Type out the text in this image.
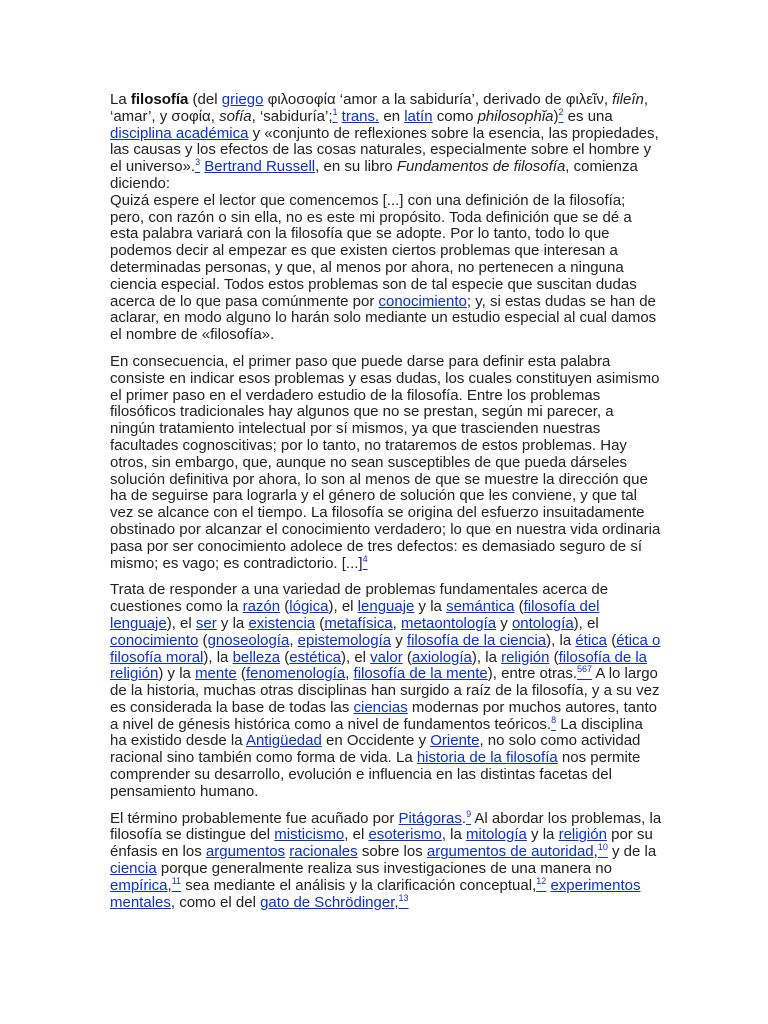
La filosofía (del griego φιλοσοφία ‘amor a la sabiduría’, derivado de φιλεῖν, fileîn, ‘amar’, y σοφία, sofía, ‘sabiduría’;$^1$ trans. en latín como philosophĭa)$^2$ es una disciplina académica y «conjunto de reflexiones sobre la esencia, las propiedades, las causas y los efectos de las cosas naturales, especialmente sobre el hombre y el universo».$^3$ Bertrand Russell, en su libro Fundamentos de filosofía, comienza diciendo:

Quizá espere el lector que comencemos [...] con una definición de la filosofía; pero, con razón o sin ella, no es este mi propósito. Toda definición que se dé a esta palabra variará con la filosofía que se adopte. Por lo tanto, todo lo que podemos decir al empezar es que existen ciertos problemas que interesan a determinadas personas, y que, al menos por ahora, no pertenecen a ninguna ciencia especial. Todos estos problemas son de tal especie que suscitan dudas acerca de lo que pasa comúnmente por conocimiento; y, si estas dudas se han de aclarar, en modo alguno lo harán solo mediante un estudio especial al cual damos el nombre de «filosofía».

En consecuencia, el primer paso que puede darse para definir esta palabra consiste en indicar esos problemas y esas dudas, los cuales constituyen asimismo el primer paso en el verdadero estudio de la filosofía. Entre los problemas filosóficos tradicionales hay algunos que no se prestan, según mi parecer, a ningún tratamiento intelectual por sí mismos, ya que trascienden nuestras facultades cognoscitivas; por lo tanto, no trataremos de estos problemas. Hay otros, sin embargo, que, aunque no sean susceptibles de que pueda dárseles solución definitiva por ahora, lo son al menos de que se muestre la dirección que ha de seguirse para lograrla y el género de solución que les conviene, y que tal vez se alcance con el tiempo. La filosofía se origina del esfuerzo insuitadamente obstinado por alcanzar el conocimiento verdadero; lo que en nuestra vida ordinaria pasa por ser conocimiento adolece de tres defectos: es demasiado seguro de sí mismo; es vago; es contradictorio. [...]$^4$

Trata de responder a una variedad de problemas fundamentales acerca de cuestiones como la razón (lógica), el lenguaje y la semántica (filosofía del lenguaje), el ser y la existencia (metafísica, metaontología y ontología), el conocimiento (gnoseología, epistemología y filosofía de la ciencia), la ética (ética o filosofía moral), la belleza (estética), el valor (axiología), la religión (filosofía de la religión) y la mente (fenomenología, filosofía de la mente), entre otras.$^{567}$ A lo largo de la historia, muchas otras disciplinas han surgido a raíz de la filosofía, y a su vez es considerada la base de todas las ciencias modernas por muchos autores, tanto a nivel de génesis histórica como a nivel de fundamentos teóricos.$^8$ La disciplina ha existido desde la Antigüedad en Occidente y Oriente, no solo como actividad racional sino también como forma de vida. La historia de la filosofía nos permite comprender su desarrollo, evolución e influencia en las distintas facetas del pensamiento humano.

El término probablemente fue acuñado por Pitágoras.$^9$ Al abordar los problemas, la filosofía se distingue del misticismo, el esoterismo, la mitología y la religión por su énfasis en los argumentos racionales sobre los argumentos de autoridad,$^{10}$ y de la ciencia porque generalmente realiza sus investigaciones de una manera no empírica,$^{11}$ sea mediante el análisis y la clarificación conceptual,$^{12}$ experimentos mentales, como el del gato de Schrödinger,$^{13}$
